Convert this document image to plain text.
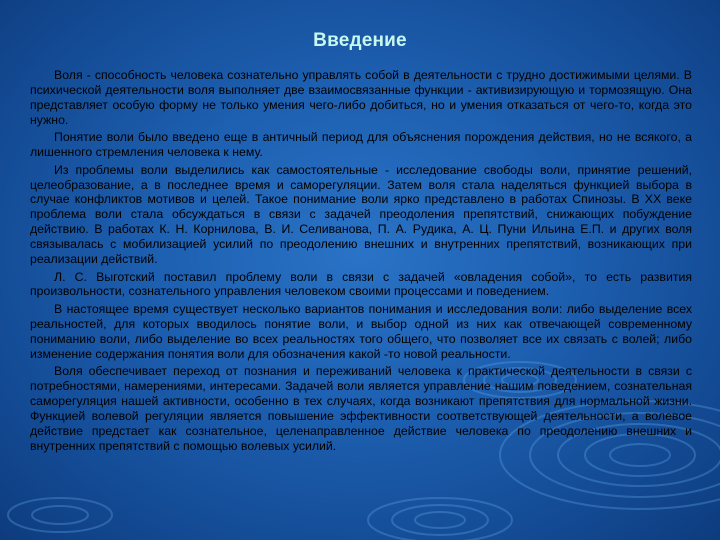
Введение

Воля - способность человека сознательно управлять собой в деятельности с трудно достижимыми целями. В психической деятельности воля выполняет две взаимосвязанные функции - активизирующую и тормозящую. Она представляет особую форму не только умения чего-либо добиться, но и умения отказаться от чего-то, когда это нужно.

Понятие воли было введено еще в античный период для объяснения порождения действия, но не всякого, а лишенного стремления человека к нему.

Из проблемы воли выделились как самостоятельные - исследование свободы воли, принятие решений, целеобразование, а в последнее время и саморегуляции. Затем воля стала наделяться функцией выбора в случае конфликтов мотивов и целей. Такое понимание воли ярко представлено в работах Спинозы. В XX веке проблема воли стала обсуждаться в связи с задачей преодоления препятствий, снижающих побуждение действию. В работах К. Н. Корнилова, В. И. Селиванова, П. А. Рудика, А. Ц. Пуни Ильина Е.П. и других воля связывалась с мобилизацией усилий по преодолению внешних и внутренних препятствий, возникающих при реализации действий.

Л. С. Выготский поставил проблему воли в связи с задачей «овладения собой», то есть развития произвольности, сознательного управления человеком своими процессами и поведением.

В настоящее время существует несколько вариантов понимания и исследования воли: либо выделение всех реальностей, для которых вводилось понятие воли, и выбор одной из них как отвечающей современному пониманию воли, либо выделение во всех реальностях того общего, что позволяет все их связать с волей; либо изменение содержания понятия воли для обозначения какой -то новой реальности.

Воля обеспечивает переход от познания и переживаний человека к практической деятельности в связи с потребностями, намерениями, интересами. Задачей воли является управление нашим поведением, сознательная саморегуляция нашей активности, особенно в тех случаях, когда возникают препятствия для нормальной жизни. Функцией волевой регуляции является повышение эффективности соответствующей деятельности, а волевое действие предстает как сознательное, целенаправленное действие человека по преодолению внешних и внутренних препятствий с помощью волевых усилий.
